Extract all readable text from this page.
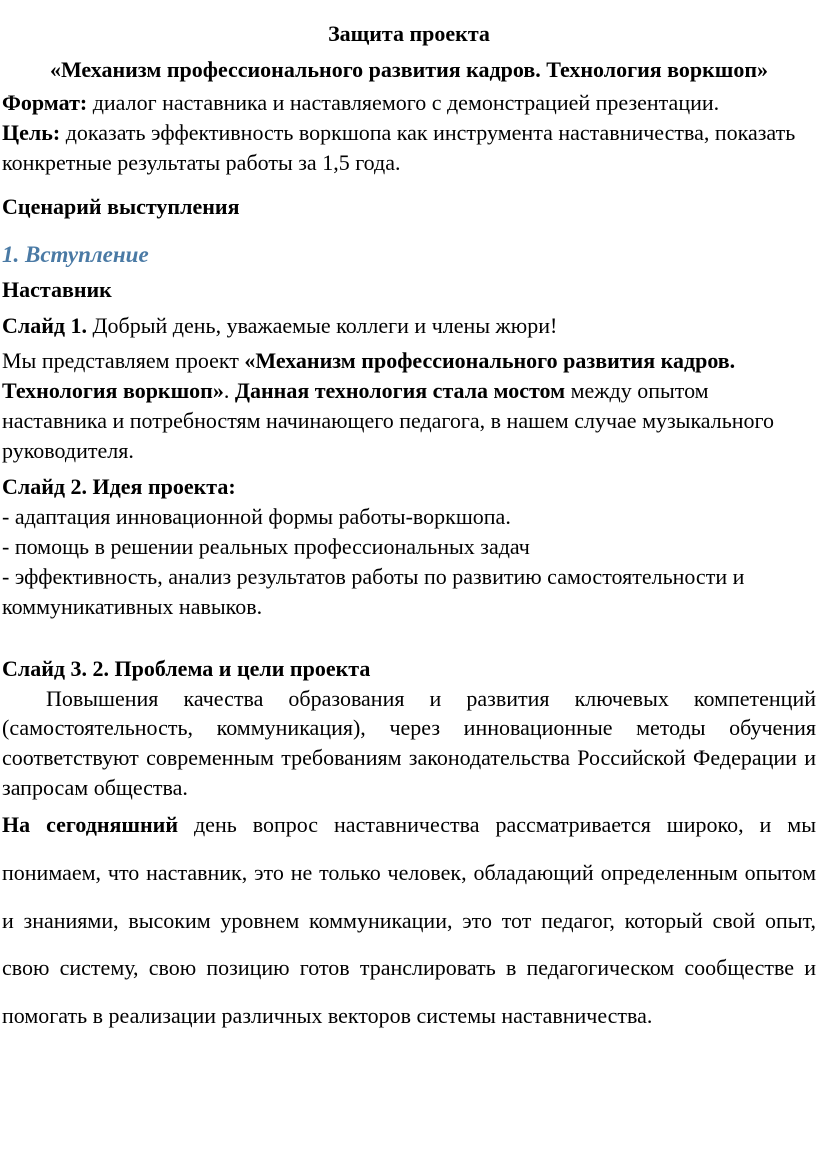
Защита проекта
«Механизм профессионального развития кадров. Технология воркшоп»

Формат: диалог наставника и наставляемого с демонстрацией презентации.

Цель: доказать эффективность воркшопа как инструмента наставничества, показать конкретные результаты работы за 1,5 года.

Сценарий выступления

1. Вступление

Наставник

Слайд 1. Добрый день, уважаемые коллеги и члены жюри!

Мы представляем проект «Механизм профессионального развития кадров. Технология воркшоп». Данная технология стала мостом между опытом наставника и потребностям начинающего педагога, в нашем случае музыкального руководителя.

Слайд 2. Идея проекта:

- адаптация инновационной формы работы-воркшопа.

- помощь в решении реальных профессиональных задач

- эффективность, анализ результатов работы по развитию самостоятельности и коммуникативных навыков.

Слайд 3. 2. Проблема и цели проекта

Повышения качества образования и развития ключевых компетенций (самостоятельность, коммуникация), через инновационные методы обучения соответствуют современным требованиям законодательства Российской Федерации и запросам общества.

На сегодняшний день вопрос наставничества рассматривается широко, и мы понимаем, что наставник, это не только человек, обладающий определенным опытом и знаниями, высоким уровнем коммуникации, это тот педагог, который свой опыт, свою систему, свою позицию готов транслировать в педагогическом сообществе и помогать в реализации различных векторов системы наставничества.
